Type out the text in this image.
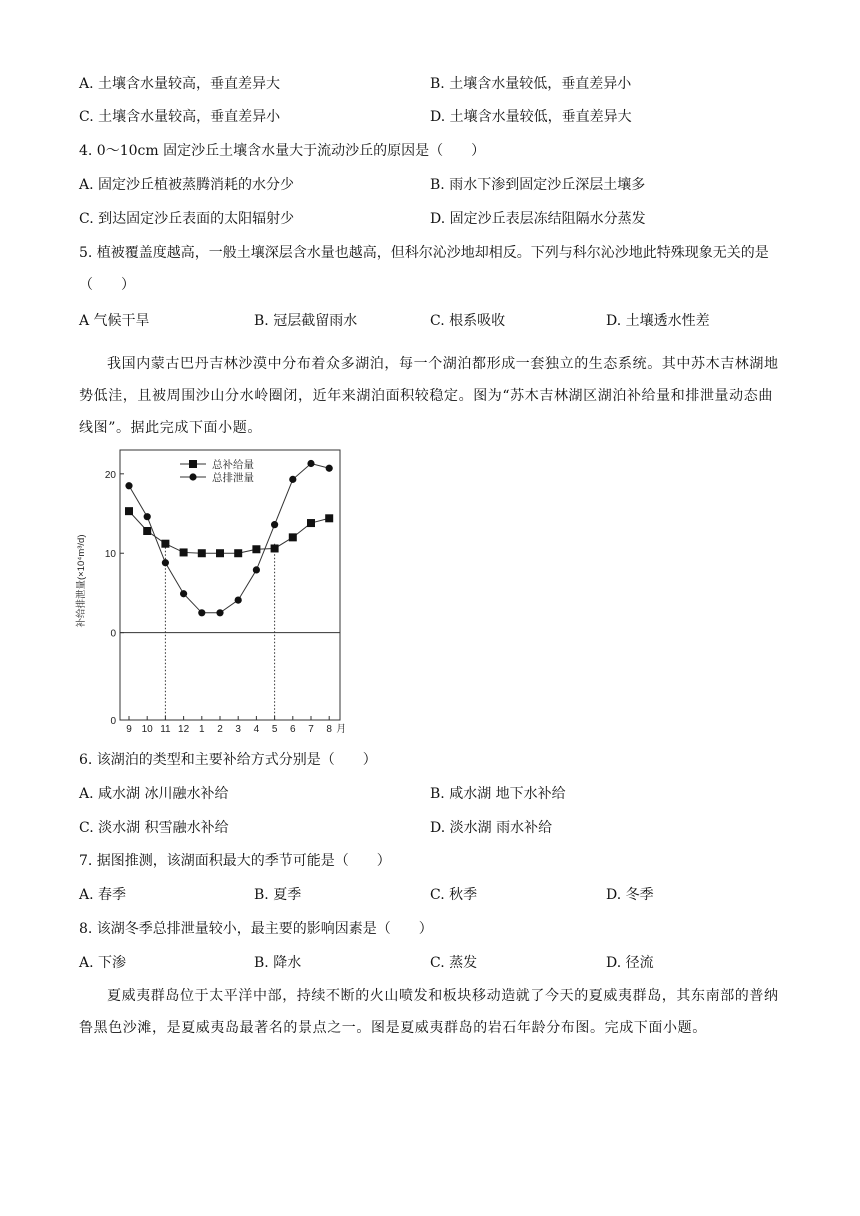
A. 土壤含水量较高，垂直差异大	B. 土壤含水量较低，垂直差异小
C. 土壤含水量较高，垂直差异小	D. 土壤含水量较低，垂直差异大
4. 0～10cm 固定沙丘土壤含水量大于流动沙丘的原因是（　　）
A. 固定沙丘植被蒸腾消耗的水分少	B. 雨水下渗到固定沙丘深层土壤多
C. 到达固定沙丘表面的太阳辐射少	D. 固定沙丘表层冻结阻隔水分蒸发
5. 植被覆盖度越高，一般土壤深层含水量也越高，但科尔沁沙地却相反。下列与科尔沁沙地此特殊现象无关的是（　　）
A 气候干旱	B. 冠层截留雨水	C. 根系吸收	D. 土壤透水性差
我国内蒙古巴丹吉林沙漠中分布着众多湖泊，每一个湖泊都形成一套独立的生态系统。其中苏木吉林湖地势低洼，且被周围沙山分水岭圈闭，近年来湖泊面积较稳定。图为“苏木吉林湖区湖泊补给量和排泄量动态曲线图”。据此完成下面小题。
0
0
10
20
补给排泄量(×10⁴m³/d)
9 10 11 12 1 2 3 4 5 6 7 8 月
总补给量
总排泄量
6. 该湖泊的类型和主要补给方式分别是（　　）
A. 咸水湖 冰川融水补给	B. 咸水湖 地下水补给
C. 淡水湖 积雪融水补给	D. 淡水湖 雨水补给
7. 据图推测，该湖面积最大的季节可能是（　　）
A. 春季	B. 夏季	C. 秋季	D. 冬季
8. 该湖冬季总排泄量较小，最主要的影响因素是（　　）
A. 下渗	B. 降水	C. 蒸发	D. 径流
夏威夷群岛位于太平洋中部，持续不断的火山喷发和板块移动造就了今天的夏威夷群岛，其东南部的普纳鲁黑色沙滩，是夏威夷岛最著名的景点之一。图是夏威夷群岛的岩石年龄分布图。完成下面小题。
